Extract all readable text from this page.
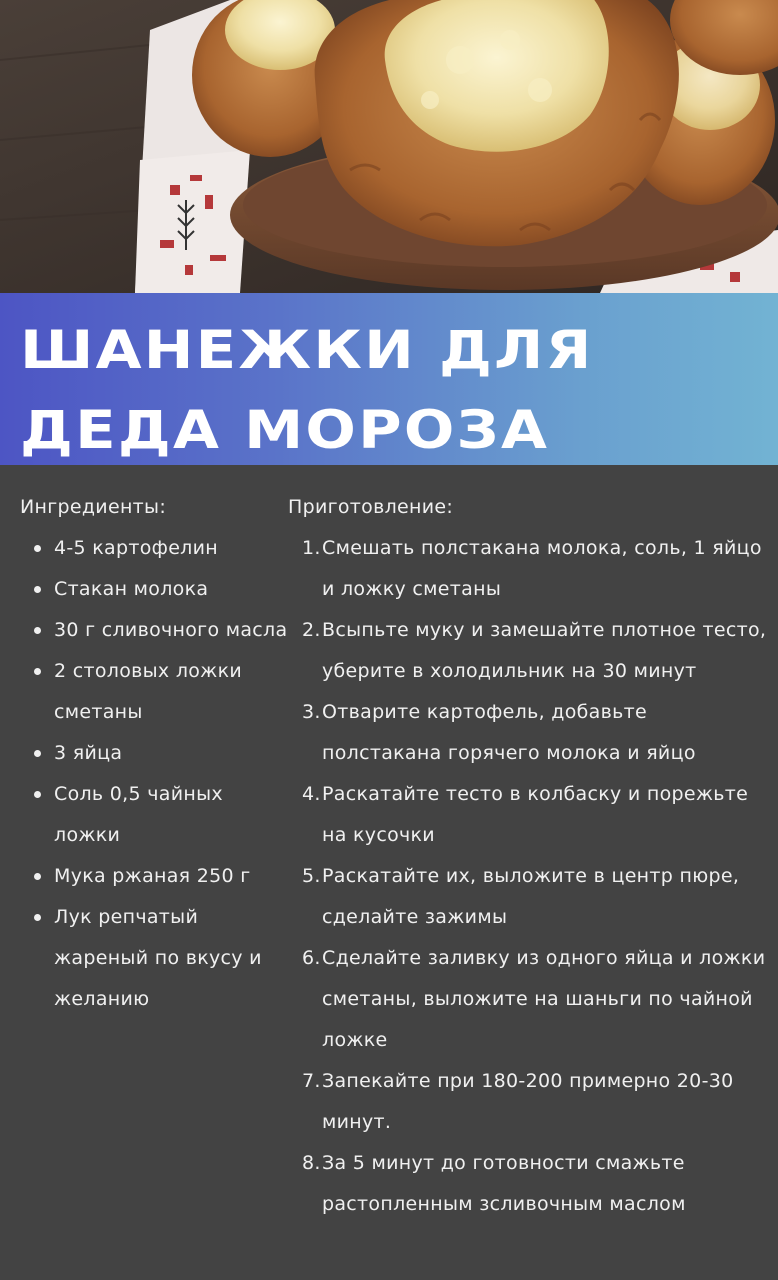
ШАНЕЖКИ ДЛЯ
ДЕДА МОРОЗА
Ингредиенты:
4-5 картофелин
Стакан молока
30 г сливочного масла
2 столовых ложки сметаны
3 яйца
Соль 0,5 чайных ложки
Мука ржаная 250 г
Лук репчатый жареный по вкусу и желанию
Приготовление:
1. Смешать полстакана молока, соль, 1 яйцо и ложку сметаны
2. Всыпьте муку и замешайте плотное тесто, уберите в холодильник на 30 минут
3. Отварите картофель, добавьте полстакана горячего молока и яйцо
4. Раскатайте тесто в колбаску и порежьте на кусочки
5. Раскатайте их, выложите в центр пюре, сделайте зажимы
6. Сделайте заливку из одного яйца и ложки сметаны, выложите на шаньги по чайной ложке
7. Запекайте при 180-200 примерно 20-30 минут.
8. За 5 минут до готовности смажьте растопленным зсливочным маслом
